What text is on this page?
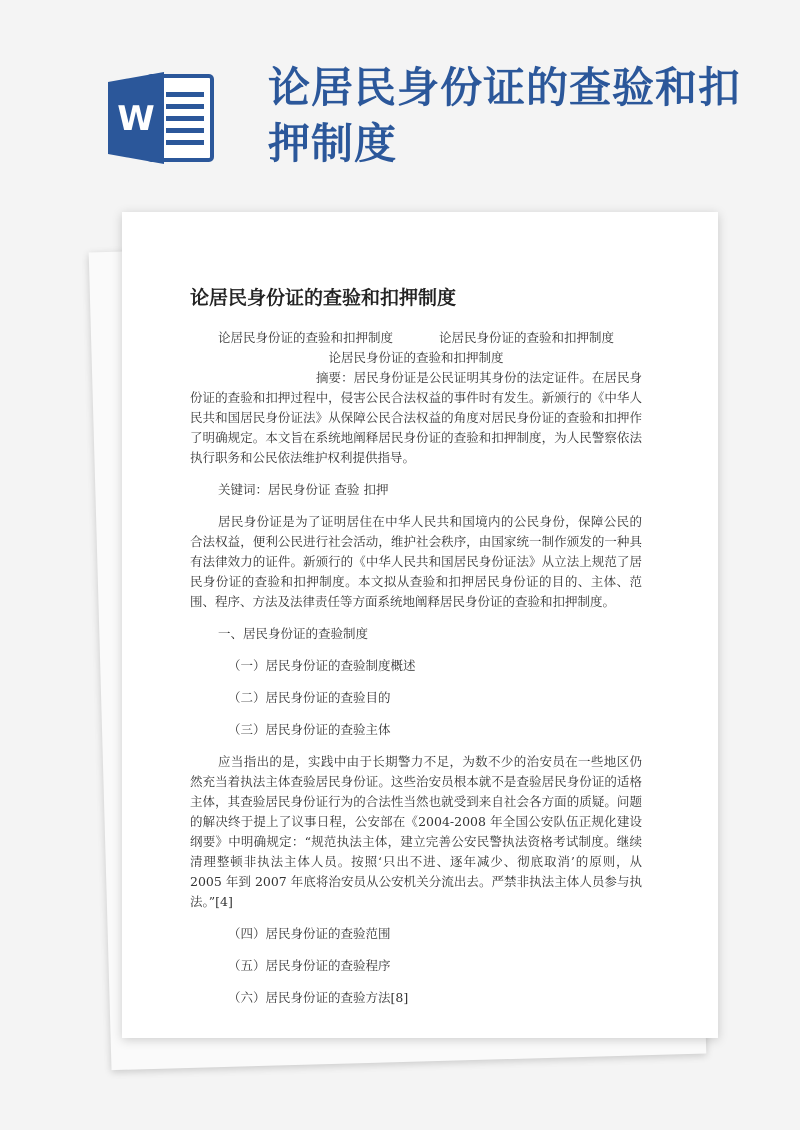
W
论居民身份证的查验和扣押制度
论居民身份证的查验和扣押制度

论居民身份证的查验和扣押制度	论居民身份证的查验和扣押制度

论居民身份证的查验和扣押制度

摘要：居民身份证是公民证明其身份的法定证件。在居民身份证的查验和扣押过程中，侵害公民合法权益的事件时有发生。新颁行的《中华人民共和国居民身份证法》从保障公民合法权益的角度对居民身份证的查验和扣押作了明确规定。本文旨在系统地阐释居民身份证的查验和扣押制度，为人民警察依法执行职务和公民依法维护权利提供指导。

关键词：居民身份证 查验 扣押

居民身份证是为了证明居住在中华人民共和国境内的公民身份，保障公民的合法权益，便利公民进行社会活动，维护社会秩序，由国家统一制作颁发的一种具有法律效力的证件。新颁行的《中华人民共和国居民身份证法》从立法上规范了居民身份证的查验和扣押制度。本文拟从查验和扣押居民身份证的目的、主体、范围、程序、方法及法律责任等方面系统地阐释居民身份证的查验和扣押制度。

一、居民身份证的查验制度

（一）居民身份证的查验制度概述

（二）居民身份证的查验目的

（三）居民身份证的查验主体

应当指出的是，实践中由于长期警力不足，为数不少的治安员在一些地区仍然充当着执法主体查验居民身份证。这些治安员根本就不是查验居民身份证的适格主体，其查验居民身份证行为的合法性当然也就受到来自社会各方面的质疑。问题的解决终于提上了议事日程，公安部在《2004-2008 年全国公安队伍正规化建设纲要》中明确规定：“规范执法主体，建立完善公安民警执法资格考试制度。继续清理整顿非执法主体人员。按照‘只出不进、逐年减少、彻底取消’的原则，从 2005 年到 2007 年底将治安员从公安机关分流出去。严禁非执法主体人员参与执法。”[4]

（四）居民身份证的查验范围

（五）居民身份证的查验程序

（六）居民身份证的查验方法[8]
